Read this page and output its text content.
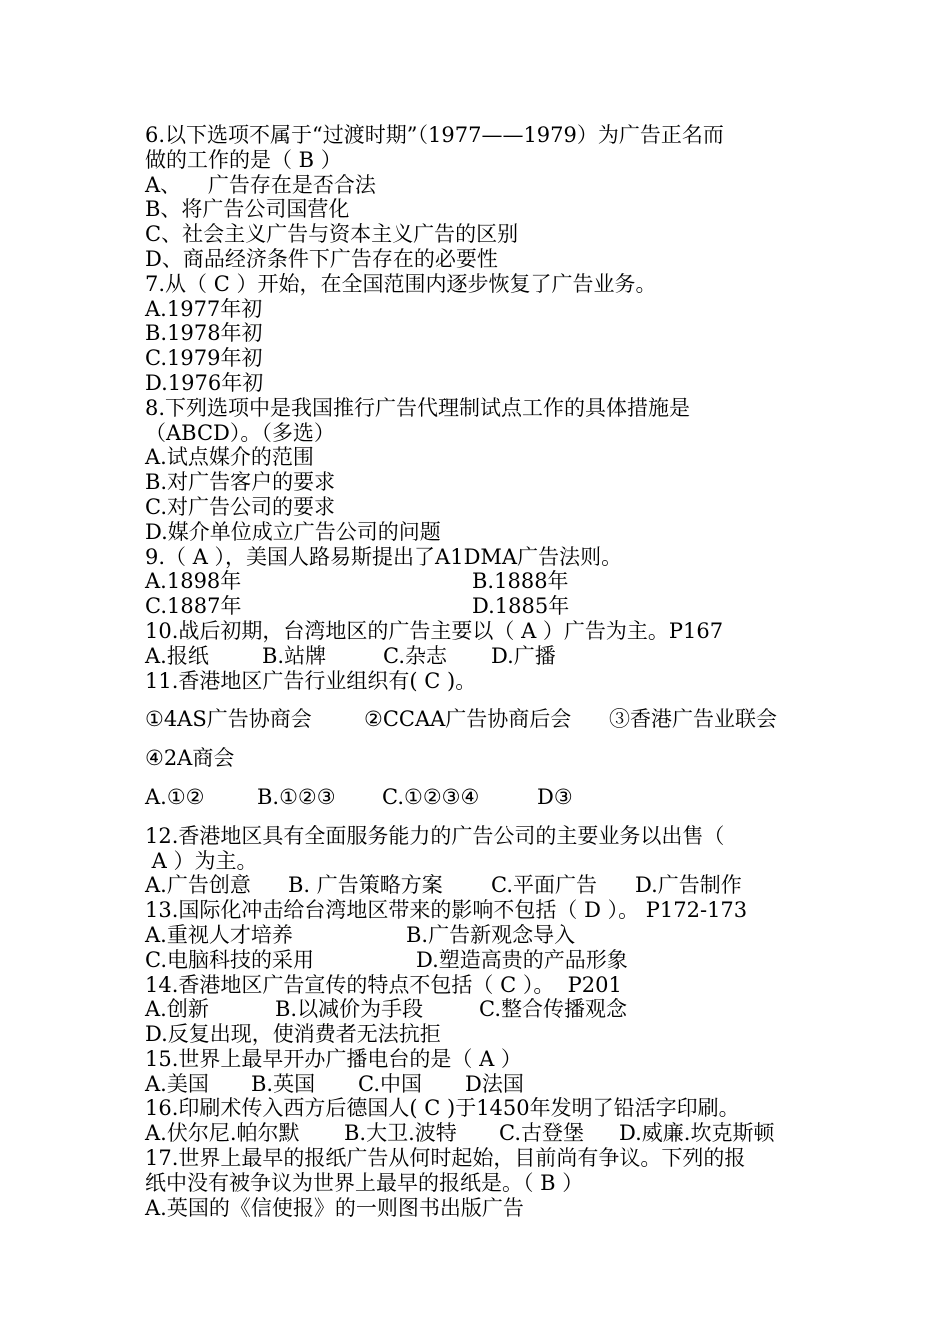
6.以下选项不属于“过渡时期”（1977——1979）为广告正名而
做的工作的是（ B ）
A、    广告存在是否合法
B、将广告公司国营化
C、社会主义广告与资本主义广告的区别
D、商品经济条件下广告存在的必要性
7.从（ C ）开始，在全国范围内逐步恢复了广告业务。
A.1977年初
B.1978年初
C.1979年初
D.1976年初
8.下列选项中是我国推行广告代理制试点工作的具体措施是
（ABCD）。（多选）
A.试点媒介的范围
B.对广告客户的要求
C.对广告公司的要求
D.媒介单位成立广告公司的问题
9.（ A ），美国人路易斯提出了A1DMA广告法则。
A.1898年	B.1888年
C.1887年	D.1885年
10.战后初期，台湾地区的广告主要以（ A ）广告为主。P167
A.报纸	B.站牌	C.杂志 D.广播
11.香港地区广告行业组织有( C )。
①4AS广告协商会 ②CCAA广告协商后会 ③香港广告业联会
④2A商会
A.①②	B.①②③ C.①②③④	D③
12.香港地区具有全面服务能力的广告公司的主要业务以出售（
A ）为主。
A.广告创意 B. 广告策略方案 C.平面广告 D.广告制作
13.国际化冲击给台湾地区带来的影响不包括（ D ）。 P172-173
A.重视人才培养	B.广告新观念导入
C.电脑科技的采用	D.塑造高贵的产品形象
14.香港地区广告宣传的特点不包括（ C ）。  P201
A.创新	B.以减价为手段	C.整合传播观念
D.反复出现，使消费者无法抗拒
15.世界上最早开办广播电台的是（ A ）
A.美国 B.英国 C.中国 D法国
16.印刷术传入西方后德国人( C )于1450年发明了铅活字印刷。
A.伏尔尼.帕尔默 B.大卫.波特 C.古登堡 D.威廉.坎克斯顿
17.世界上最早的报纸广告从何时起始，目前尚有争议。下列的报
纸中没有被争议为世界上最早的报纸是。（ B ）
A.英国的《信使报》的一则图书出版广告
